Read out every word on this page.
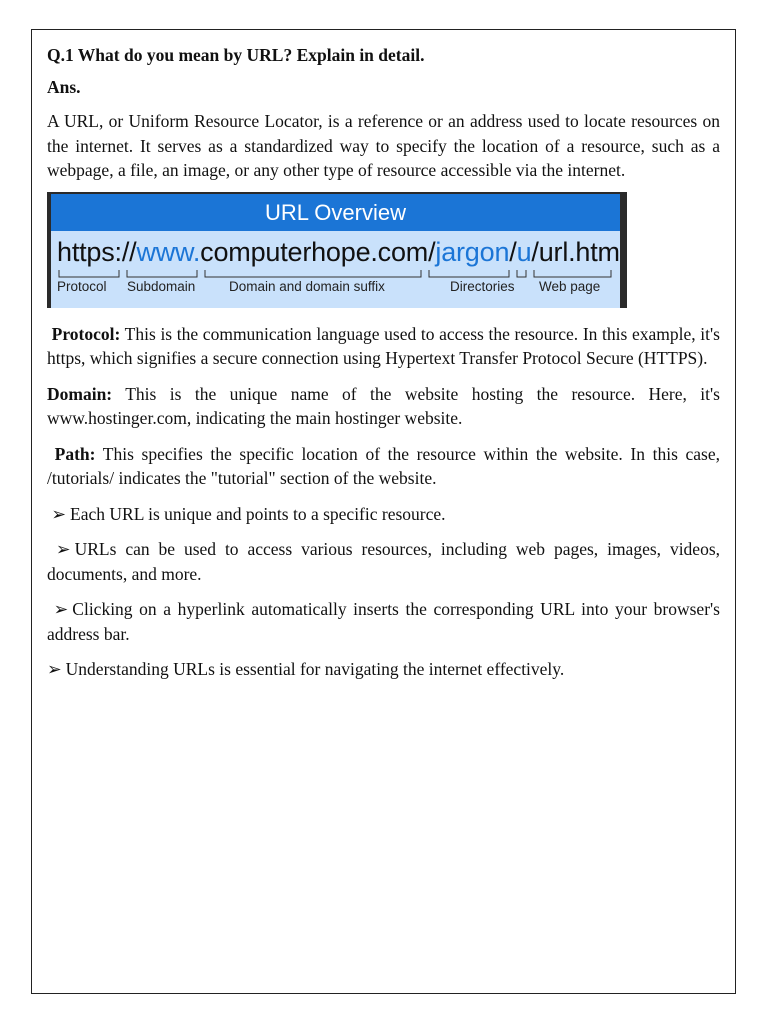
Q.1 What do you mean by URL? Explain in detail.

Ans.

A URL, or Uniform Resource Locator, is a reference or an address used to locate resources on the internet. It serves as a standardized way to specify the location of a resource, such as a webpage, a file, an image, or any other type of resource accessible via the internet.

URL Overview
https://www.computerhope.com/jargon/u/url.htm
Protocol Subdomain Domain and domain suffix	Directories Web page

Protocol: This is the communication language used to access the resource. In this example, it's https, which signifies a secure connection using Hypertext Transfer Protocol Secure (HTTPS).

Domain: This is the unique name of the website hosting the resource. Here, it's www.hostinger.com, indicating the main hostinger website.

Path: This specifies the specific location of the resource within the website. In this case, /tutorials/ indicates the "tutorial" section of the website.

➢ Each URL is unique and points to a specific resource.

➢ URLs can be used to access various resources, including web pages, images, videos, documents, and more.

➢ Clicking on a hyperlink automatically inserts the corresponding URL into your browser's address bar.

➢ Understanding URLs is essential for navigating the internet effectively.
